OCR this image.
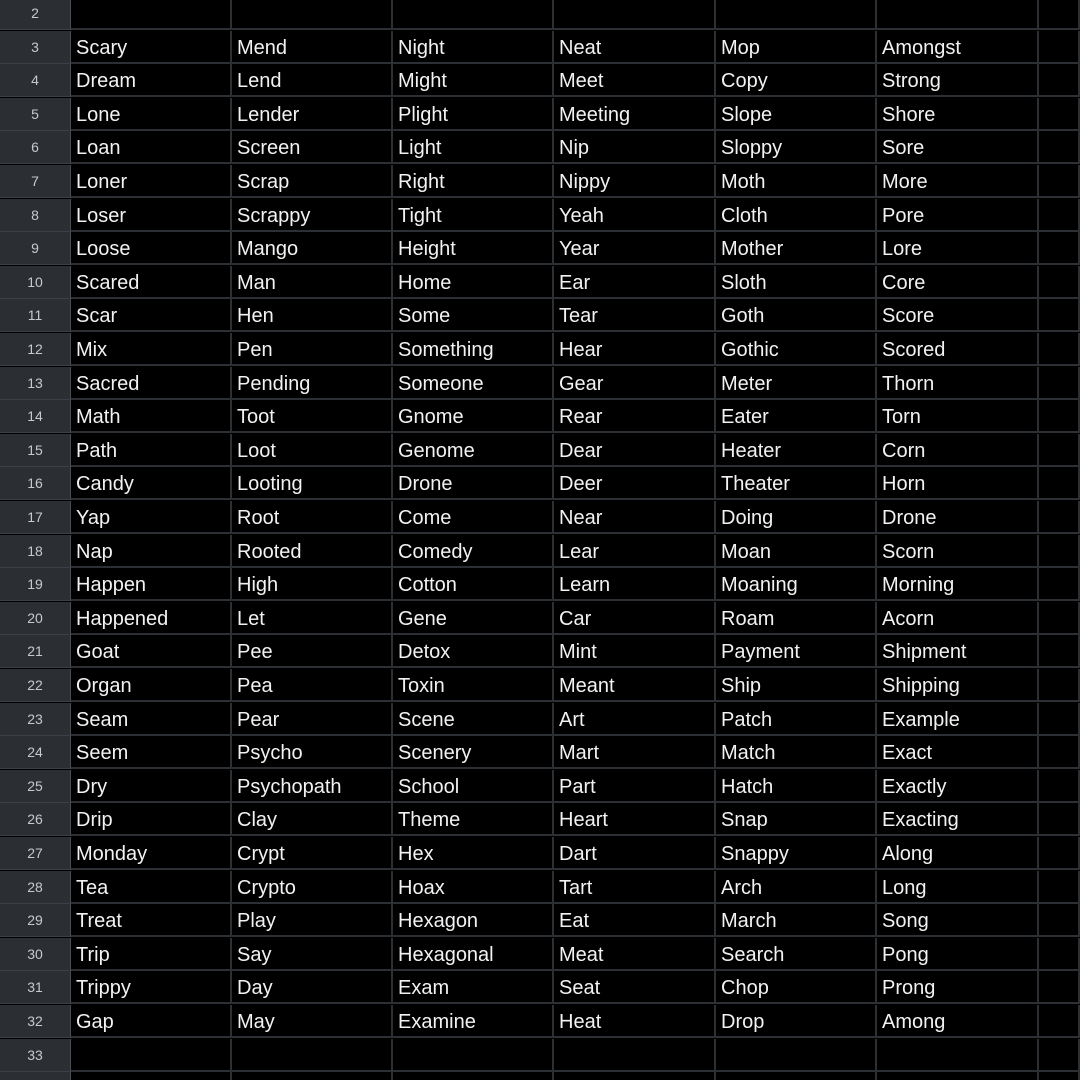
2
3	Scary	Mend	Night	Neat	Mop	Amongst
4	Dream	Lend	Might	Meet	Copy	Strong
5	Lone	Lender	Plight	Meeting	Slope	Shore
6	Loan	Screen	Light	Nip	Sloppy	Sore
7	Loner	Scrap	Right	Nippy	Moth	More
8	Loser	Scrappy	Tight	Yeah	Cloth	Pore
9	Loose	Mango	Height	Year	Mother	Lore
10	Scared	Man	Home	Ear	Sloth	Core
11	Scar	Hen	Some	Tear	Goth	Score
12	Mix	Pen	Something	Hear	Gothic	Scored
13	Sacred	Pending	Someone	Gear	Meter	Thorn
14	Math	Toot	Gnome	Rear	Eater	Torn
15	Path	Loot	Genome	Dear	Heater	Corn
16	Candy	Looting	Drone	Deer	Theater	Horn
17	Yap	Root	Come	Near	Doing	Drone
18	Nap	Rooted	Comedy	Lear	Moan	Scorn
19	Happen	High	Cotton	Learn	Moaning	Morning
20	Happened	Let	Gene	Car	Roam	Acorn
21	Goat	Pee	Detox	Mint	Payment	Shipment
22	Organ	Pea	Toxin	Meant	Ship	Shipping
23	Seam	Pear	Scene	Art	Patch	Example
24	Seem	Psycho	Scenery	Mart	Match	Exact
25	Dry	Psychopath	School	Part	Hatch	Exactly
26	Drip	Clay	Theme	Heart	Snap	Exacting
27	Monday	Crypt	Hex	Dart	Snappy	Along
28	Tea	Crypto	Hoax	Tart	Arch	Long
29	Treat	Play	Hexagon	Eat	March	Song
30	Trip	Say	Hexagonal	Meat	Search	Pong
31	Trippy	Day	Exam	Seat	Chop	Prong
32	Gap	May	Examine	Heat	Drop	Among
33
